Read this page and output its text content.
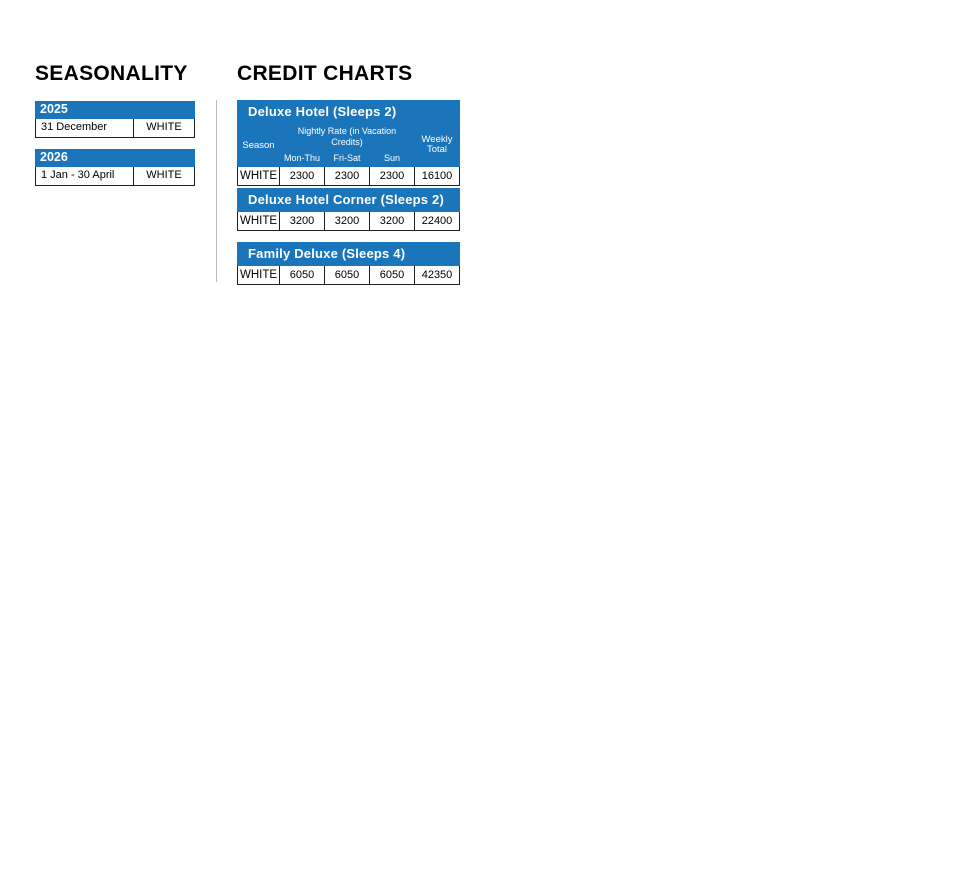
SEASONALITY CREDIT CHARTS
2025
31 December	WHITE
2026
1 Jan - 30 April	WHITE
Deluxe Hotel (Sleeps 2)				
Season	Nightly Rate (in Vacation Credits)			Weekly Total
	Mon-Thu	Fri-Sat	Sun	
WHITE	2300	2300	2300	16100
Deluxe Hotel Corner (Sleeps 2)
WHITE	3200	3200	3200	22400
Family Deluxe (Sleeps 4)
WHITE	6050	6050	6050	42350
